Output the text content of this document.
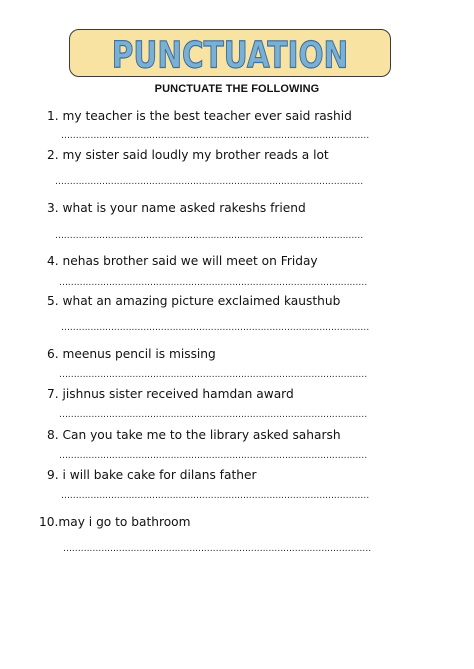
PUNCTUATION
PUNCTUATE THE FOLLOWING
1. my teacher is the best teacher ever said rashid
……………………………………………………………………………………………
2. my sister said loudly my brother reads a lot
……………………………………………………………………………………………
3. what is your name asked rakeshs friend
……………………………………………………………………………………………
4. nehas brother said we will meet on Friday
……………………………………………………………………………………………
5. what an amazing picture exclaimed kausthub
……………………………………………………………………………………………
6. meenus pencil is missing
……………………………………………………………………………………………
7. jishnus sister received hamdan award
……………………………………………………………………………………………
8. Can you take me to the library asked saharsh
……………………………………………………………………………………………
9. i will bake cake for dilans father
……………………………………………………………………………………………
10.may i go to bathroom
……………………………………………………………………………………………
